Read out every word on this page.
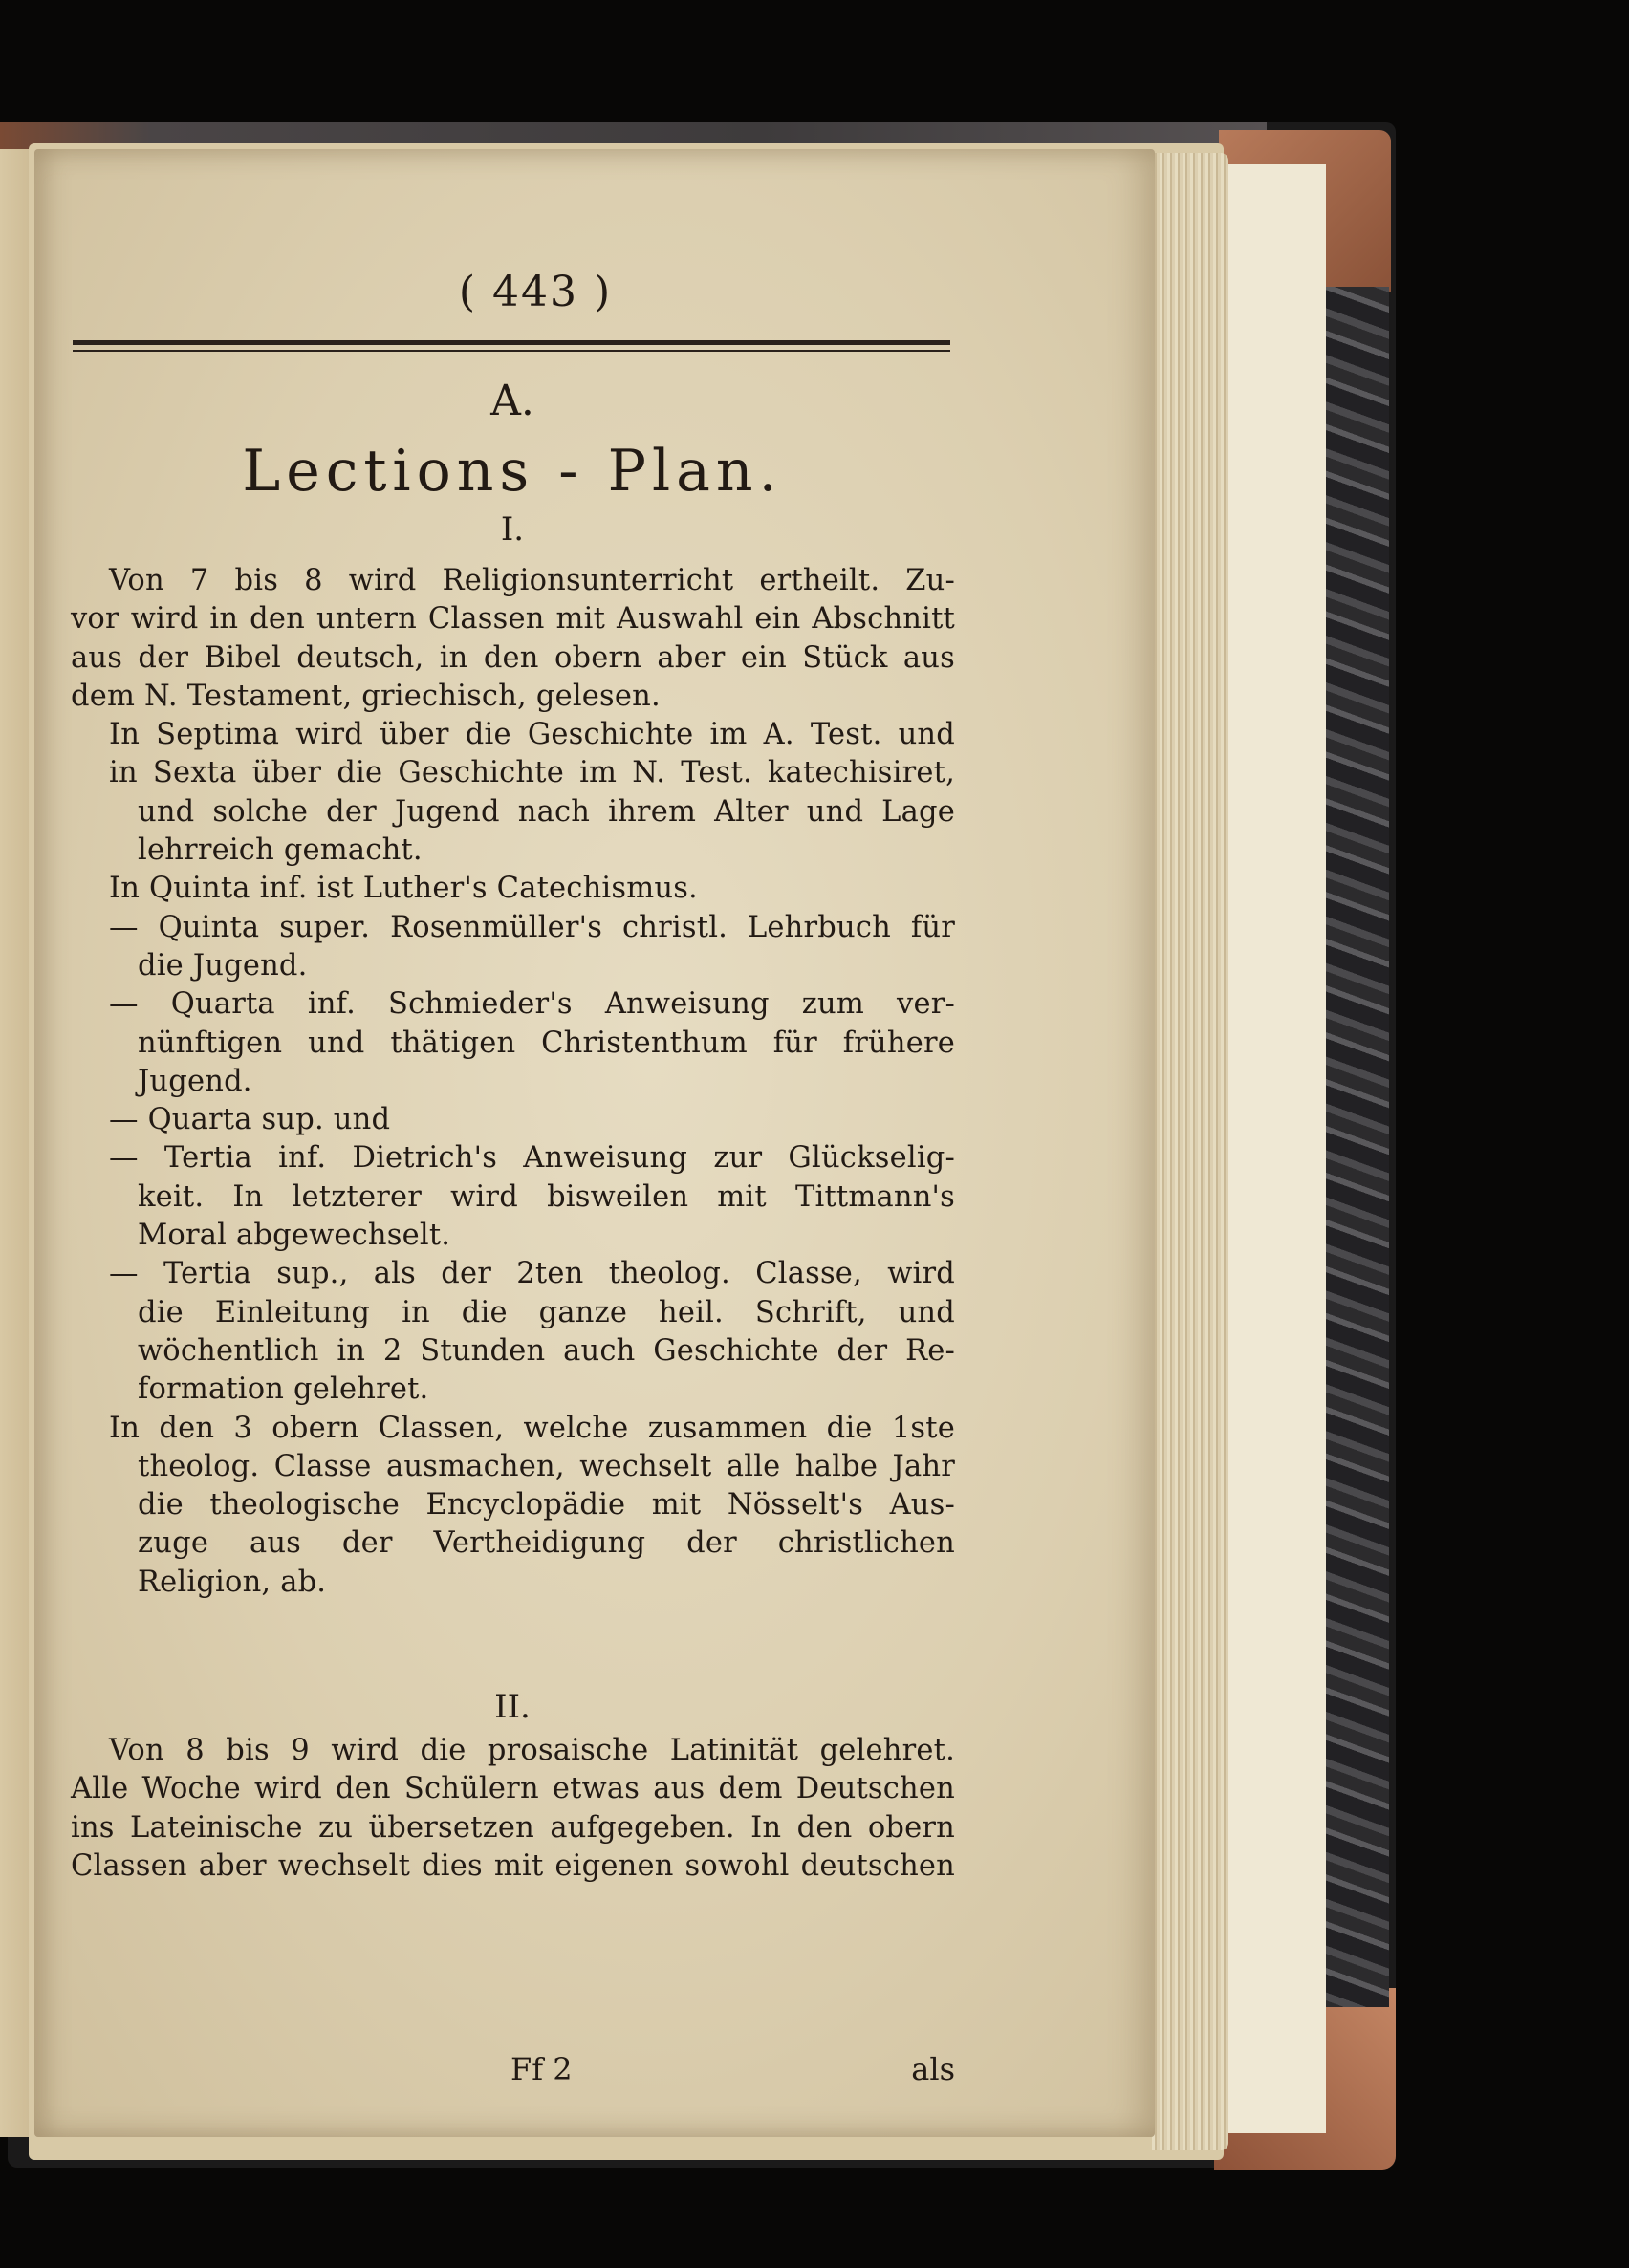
( 443 )
A.
Lections - Plan.
I.
Von 7 bis 8 wird Religionsunterricht ertheilt. Zu-
vor wird in den untern Classen mit Auswahl ein Abschnitt
aus der Bibel deutsch, in den obern aber ein Stück aus
dem N. Testament, griechisch, gelesen.
In Septima wird über die Geschichte im A. Test. und
in Sexta über die Geschichte im N. Test. katechisiret,
und solche der Jugend nach ihrem Alter und Lage
lehrreich gemacht.
In Quinta inf. ist Luther's Catechismus.
— Quinta super. Rosenmüller's christl. Lehrbuch für
die Jugend.
— Quarta inf. Schmieder's Anweisung zum ver-
nünftigen und thätigen Christenthum für frühere
Jugend.
— Quarta sup. und
— Tertia inf. Dietrich's Anweisung zur Glückselig-
keit. In letzterer wird bisweilen mit Tittmann's
Moral abgewechselt.
— Tertia sup., als der 2ten theolog. Classe, wird
die Einleitung in die ganze heil. Schrift, und
wöchentlich in 2 Stunden auch Geschichte der Re-
formation gelehret.
In den 3 obern Classen, welche zusammen die 1ste
theolog. Classe ausmachen, wechselt alle halbe Jahr
die theologische Encyclopädie mit Nösselt's Aus-
zuge aus der Vertheidigung der christlichen
Religion, ab.
II.
Von 8 bis 9 wird die prosaische Latinität gelehret.
Alle Woche wird den Schülern etwas aus dem Deutschen
ins Lateinische zu übersetzen aufgegeben. In den obern
Classen aber wechselt dies mit eigenen sowohl deutschen
Ff 2	als
